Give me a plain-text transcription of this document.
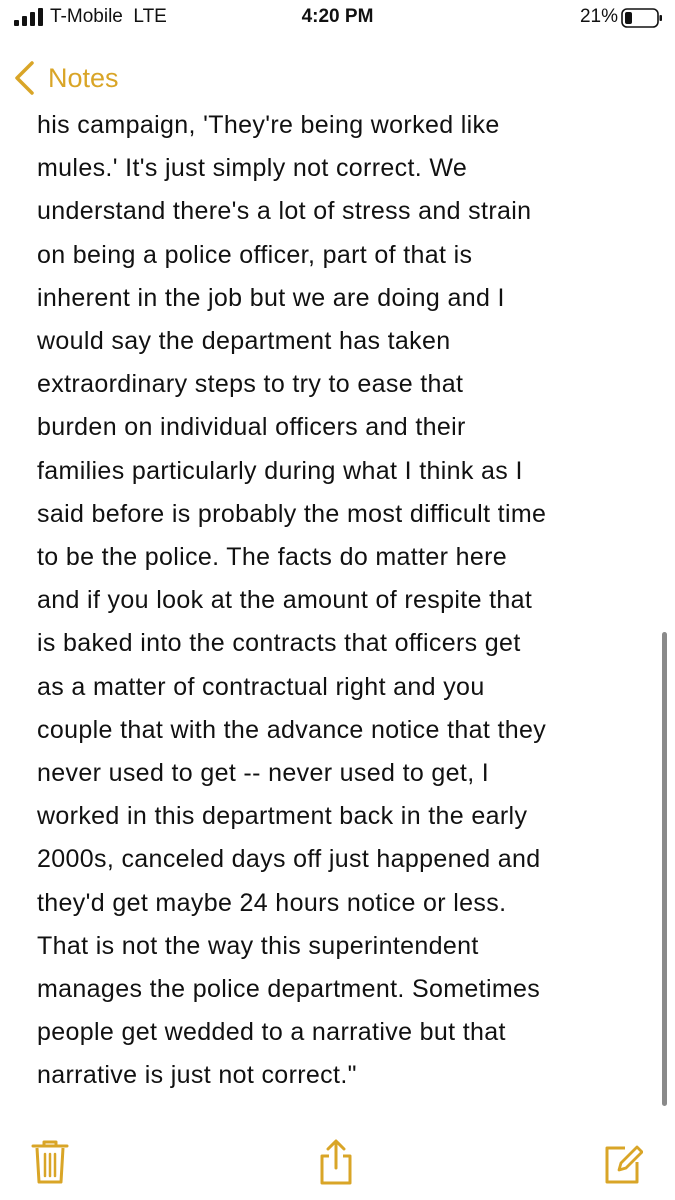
T-Mobile LTE	4:20 PM	21%
Notes
his campaign, 'They're being worked like
mules.' It's just simply not correct. We
understand there's a lot of stress and strain
on being a police officer, part of that is
inherent in the job but we are doing and I
would say the department has taken
extraordinary steps to try to ease that
burden on individual officers and their
families particularly during what I think as I
said before is probably the most difficult time
to be the police. The facts do matter here
and if you look at the amount of respite that
is baked into the contracts that officers get
as a matter of contractual right and you
couple that with the advance notice that they
never used to get -- never used to get, I
worked in this department back in the early
2000s, canceled days off just happened and
they'd get maybe 24 hours notice or less.
That is not the way this superintendent
manages the police department. Sometimes
people get wedded to a narrative but that
narrative is just not correct."
